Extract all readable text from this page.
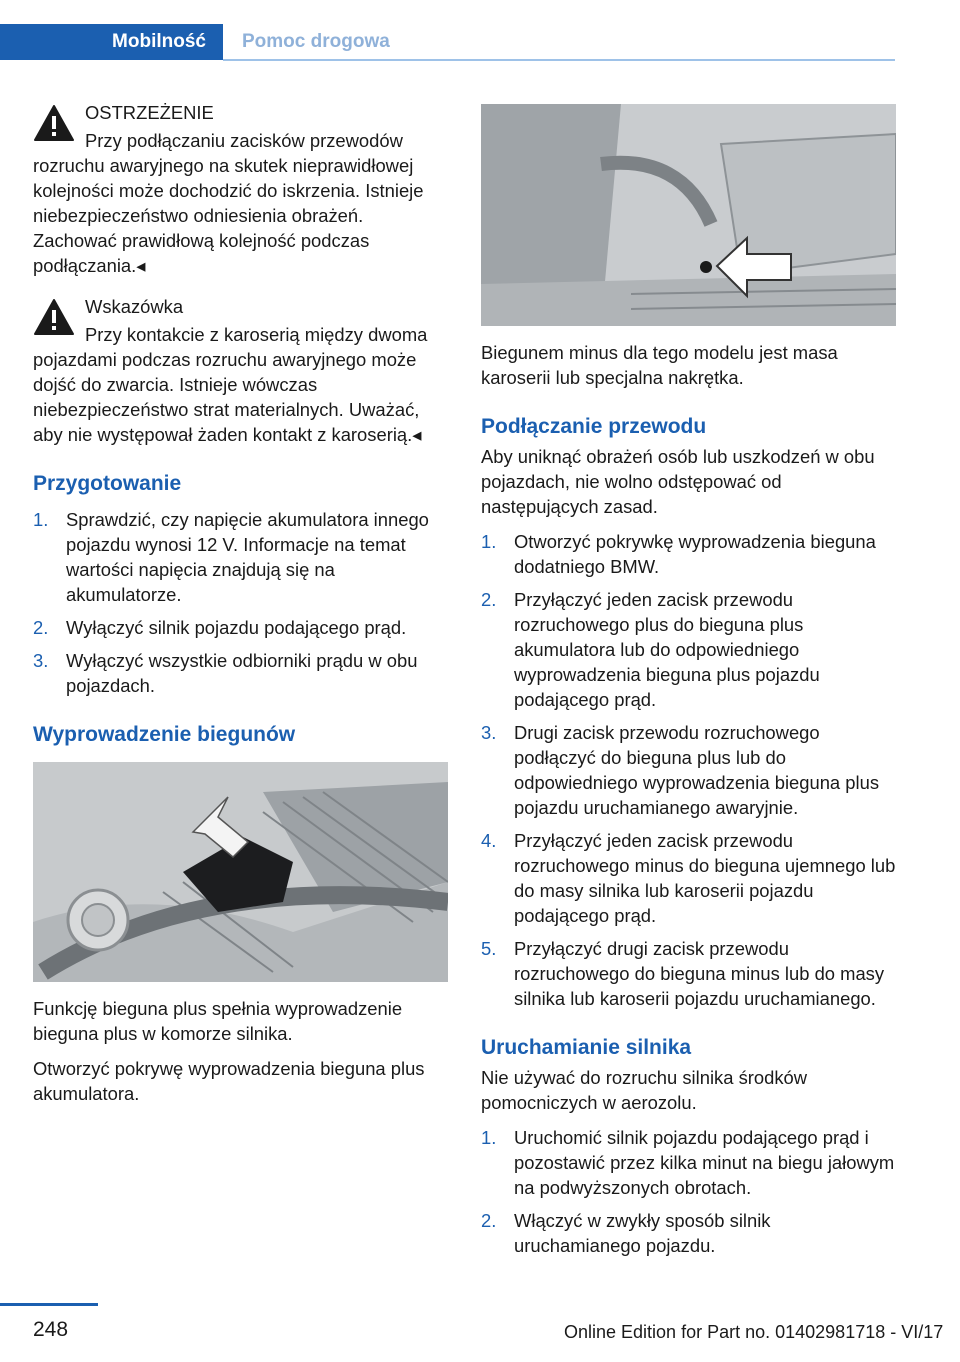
Mobilność Pomoc drogowa
OSTRZEŻENIE
Przy podłączaniu zacisków przewodów rozruchu awaryjnego na skutek nieprawidłowej kolejności może dochodzić do iskrzenia. Istnieje niebezpieczeństwo odniesienia obrażeń. Zachować prawidłową kolejność podczas podłączania.◂
Wskazówka
Przy kontakcie z karoserią między dwoma pojazdami podczas rozruchu awaryjnego może dojść do zwarcia. Istnieje wówczas niebezpieczeństwo strat materialnych. Uważać, aby nie występował żaden kontakt z karoserią.◂
Przygotowanie
1. Sprawdzić, czy napięcie akumulatora innego pojazdu wynosi 12 V. Informacje na temat wartości napięcia znajdują się na akumulatorze.
2. Wyłączyć silnik pojazdu podającego prąd.
3. Wyłączyć wszystkie odbiorniki prądu w obu pojazdach.
Wyprowadzenie biegunów

Funkcję bieguna plus spełnia wyprowadzenie bieguna plus w komorze silnika.

Otworzyć pokrywę wyprowadzenia bieguna plus akumulatora.

Biegunem minus dla tego modelu jest masa karoserii lub specjalna nakrętka.

Podłączanie przewodu

Aby uniknąć obrażeń osób lub uszkodzeń w obu pojazdach, nie wolno odstępować od następujących zasad.

1. Otworzyć pokrywkę wyprowadzenia bieguna dodatniego BMW.
2. Przyłączyć jeden zacisk przewodu rozruchowego plus do bieguna plus akumulatora lub do odpowiedniego wyprowadzenia bieguna plus pojazdu podającego prąd.
3. Drugi zacisk przewodu rozruchowego podłączyć do bieguna plus lub do odpowiedniego wyprowadzenia bieguna plus pojazdu uruchamianego awaryjnie.
4. Przyłączyć jeden zacisk przewodu rozruchowego minus do bieguna ujemnego lub do masy silnika lub karoserii pojazdu podającego prąd.
5. Przyłączyć drugi zacisk przewodu rozruchowego do bieguna minus lub do masy silnika lub karoserii pojazdu uruchamianego.
Uruchamianie silnika

Nie używać do rozruchu silnika środków pomocniczych w aerozolu.

1. Uruchomić silnik pojazdu podającego prąd i pozostawić przez kilka minut na biegu jałowym na podwyższonych obrotach.
2. Włączyć w zwykły sposób silnik uruchamianego pojazdu.
248	Online Edition for Part no. 01402981718 - VI/17
